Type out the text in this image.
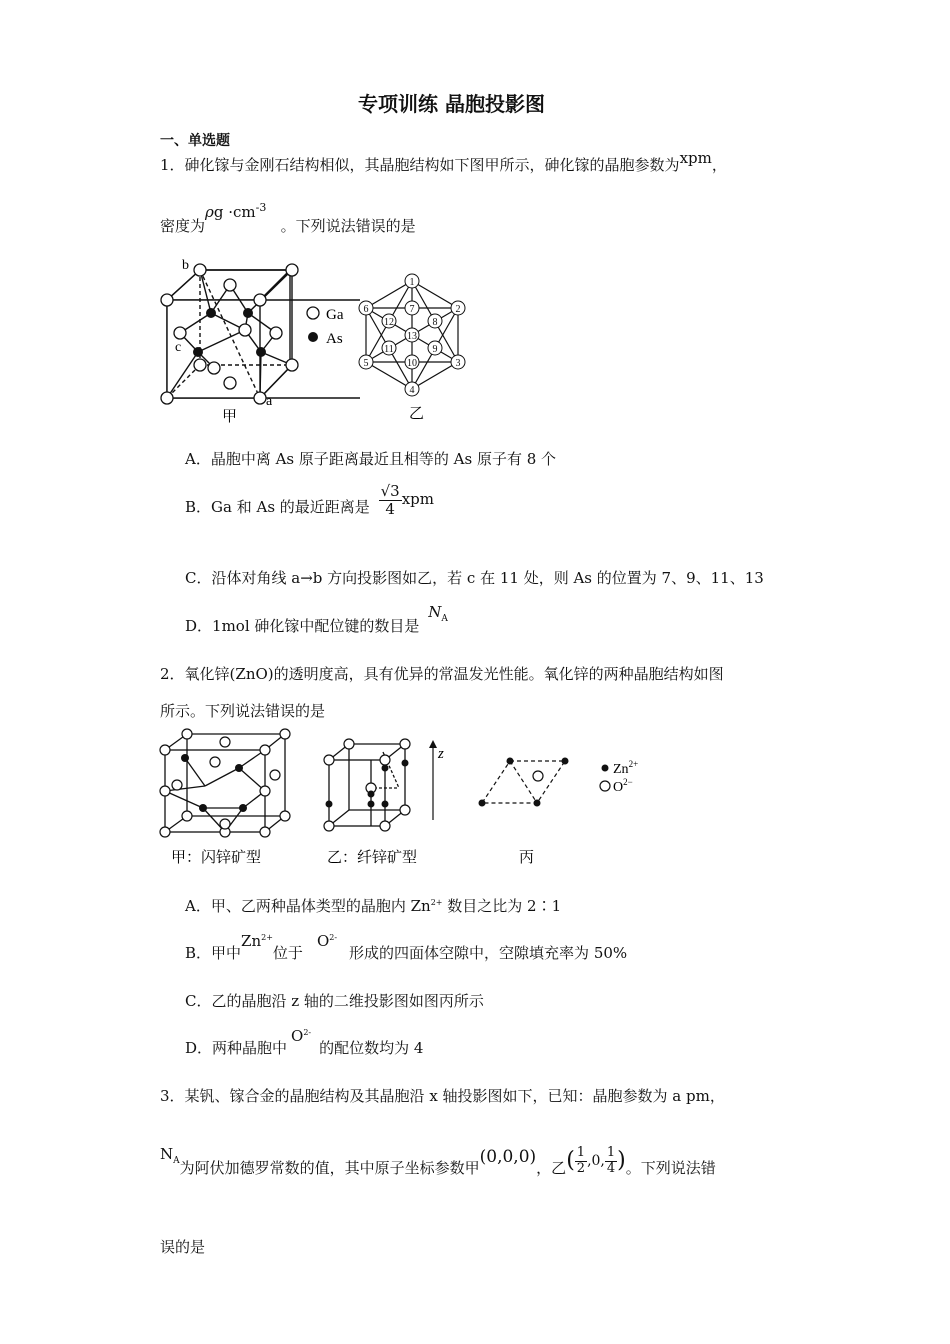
专项训练 晶胞投影图
一、单选题
1．砷化镓与金刚石结构相似，其晶胞结构如下图甲所示，砷化镓的晶胞参数为xpm，
密度为$\rho g \cdot cm^{-3}$   。下列说法错误的是
b
c
a
甲
Ga
As
1
2
3
4
5
6	7
8
9
10
11
12
13
乙
A．晶胞中离 As 原子距离最近且相等的 As 原子有 8 个
B．Ga 和 As 的最近距离是 $\frac{√3}{4}$ xpm
C．沿体对角线 a→b 方向投影图如乙，若 c 在 11 处，则 As 的位置为 7、9、11、13
D．1mol 砷化镓中配位键的数目是 $N_A$
2．氧化锌(ZnO)的透明度高，具有优异的常温发光性能。氧化锌的两种晶胞结构如图
所示。下列说法错误的是
z
$Zn^{2+}$
$O^{2-}$
甲：闪锌矿型	乙：纤锌矿型	丙
A．甲、乙两种晶体类型的晶胞内 $Zn^{2+}$ 数目之比为 2∶1
B．甲中$Zn^{2+}$位于$O^{2-}$形成的四面体空隙中，空隙填充率为 50%
C．乙的晶胞沿 z 轴的二维投影图如图丙所示
D．两种晶胞中$O^{2-}$的配位数均为 4
3．某钒、镓合金的晶胞结构及其晶胞沿 x 轴投影图如下，已知：晶胞参数为 a pm，
$N_A$为阿伏加德罗常数的值，其中原子坐标参数甲(0,0,0)，乙( $\frac{1}{2} ,0$, $\frac{1}{4}$ )。下列说法错
误的是
